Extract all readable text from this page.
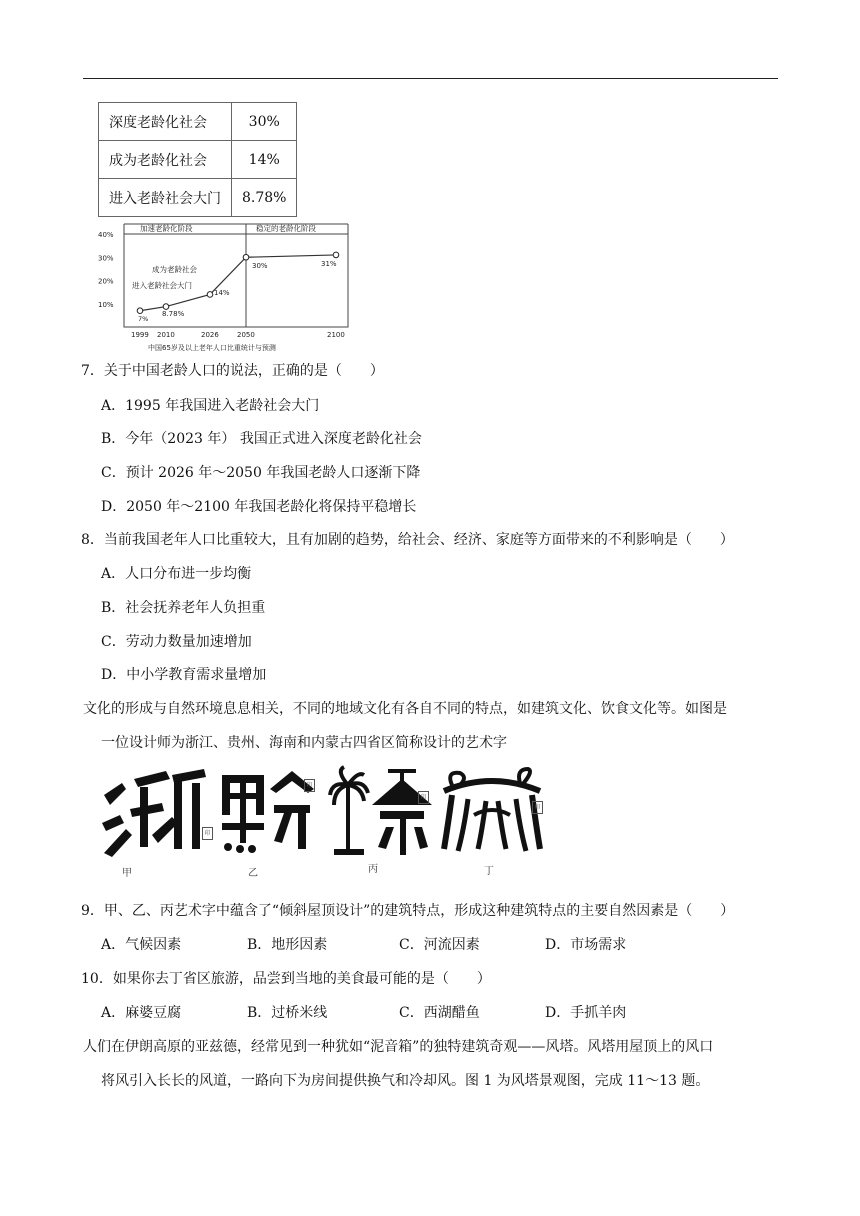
深度老龄化社会	30%
成为老龄化社会	14%
进入老龄社会大门	8.78%
加速老龄化阶段	稳定的老龄化阶段
40%
30%
20%
10%
1999 2010	2026	2050	2100
7%
8.78%
14%
30%	31%
成为老龄社会
进入老龄社会大门
中国65岁及以上老年人口比重统计与预测
7．关于中国老龄人口的说法，正确的是（　　）
A．1995 年我国进入老龄社会大门
B．今年（2023 年） 我国正式进入深度老龄化社会
C．预计 2026 年～2050 年我国老龄人口逐渐下降
D．2050 年～2100 年我国老龄化将保持平稳增长
8．当前我国老年人口比重较大，且有加剧的趋势，给社会、经济、家庭等方面带来的不利影响是（　　）
A．人口分布进一步均衡
B．社会抚养老年人负担重
C．劳动力数量加速增加
D．中小学教育需求量增加
文化的形成与自然环境息息相关，不同的地域文化有各自不同的特点，如建筑文化、饮食文化等。如图是
一位设计师为浙江、贵州、海南和内蒙古四省区简称设计的艺术字
印
印
印
印
甲	乙	丙	丁
9．甲、乙、丙艺术字中蕴含了“倾斜屋顶设计”的建筑特点，形成这种建筑特点的主要自然因素是（　　）
A．气候因素	B．地形因素	C．河流因素	D．市场需求
10．如果你去丁省区旅游，品尝到当地的美食最可能的是（　　）
A．麻婆豆腐	B．过桥米线	C．西湖醋鱼	D．手抓羊肉
人们在伊朗高原的亚兹德，经常见到一种犹如“泥音箱”的独特建筑奇观——风塔。风塔用屋顶上的风口
将风引入长长的风道，一路向下为房间提供换气和冷却风。图 1 为风塔景观图，完成 11～13 题。
